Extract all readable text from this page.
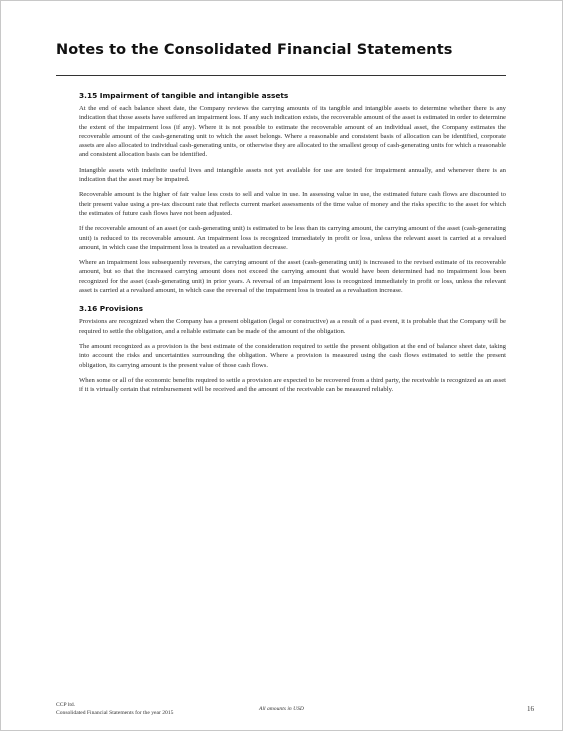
Notes to the Consolidated Financial Statements
3.15 Impairment of tangible and intangible assets

At the end of each balance sheet date, the Company reviews the carrying amounts of its tangible and intangible assets to determine whether there is any indication that those assets have suffered an impairment loss. If any such indication exists, the recoverable amount of the asset is estimated in order to determine the extent of the impairment loss (if any). Where it is not possible to estimate the recoverable amount of an individual asset, the Company estimates the recoverable amount of the cash-generating unit to which the asset belongs. Where a reasonable and consistent basis of allocation can be identified, corporate assets are also allocated to individual cash-generating units, or otherwise they are allocated to the smallest group of cash-generating units for which a reasonable and consistent allocation basis can be identified.

Intangible assets with indefinite useful lives and intangible assets not yet available for use are tested for impairment annually, and whenever there is an indication that the asset may be impaired.

Recoverable amount is the higher of fair value less costs to sell and value in use. In assessing value in use, the estimated future cash flows are discounted to their present value using a pre-tax discount rate that reflects current market assessments of the time value of money and the risks specific to the asset for which the estimates of future cash flows have not been adjusted.

If the recoverable amount of an asset (or cash-generating unit) is estimated to be less than its carrying amount, the carrying amount of the asset (cash-generating unit) is reduced to its recoverable amount. An impairment loss is recognized immediately in profit or loss, unless the relevant asset is carried at a revalued amount, in which case the impairment loss is treated as a revaluation decrease.

Where an impairment loss subsequently reverses, the carrying amount of the asset (cash-generating unit) is increased to the revised estimate of its recoverable amount, but so that the increased carrying amount does not exceed the carrying amount that would have been determined had no impairment loss been recognized for the asset (cash-generating unit) in prior years. A reversal of an impairment loss is recognized immediately in profit or loss, unless the relevant asset is carried at a revalued amount, in which case the reversal of the impairment loss is treated as a revaluation increase.

3.16 Provisions

Provisions are recognized when the Company has a present obligation (legal or constructive) as a result of a past event, it is probable that the Company will be required to settle the obligation, and a reliable estimate can be made of the amount of the obligation.

The amount recognized as a provision is the best estimate of the consideration required to settle the present obligation at the end of balance sheet date, taking into account the risks and uncertainties surrounding the obligation. Where a provision is measured using the cash flows estimated to settle the present obligation, its carrying amount is the present value of those cash flows.

When some or all of the economic benefits required to settle a provision are expected to be recovered from a third party, the receivable is recognized as an asset if it is virtually certain that reimbursement will be received and the amount of the receivable can be measured reliably.

CCP ltd.
Consolidated Financial Statements for the year 2015
All amounts in USD	16
